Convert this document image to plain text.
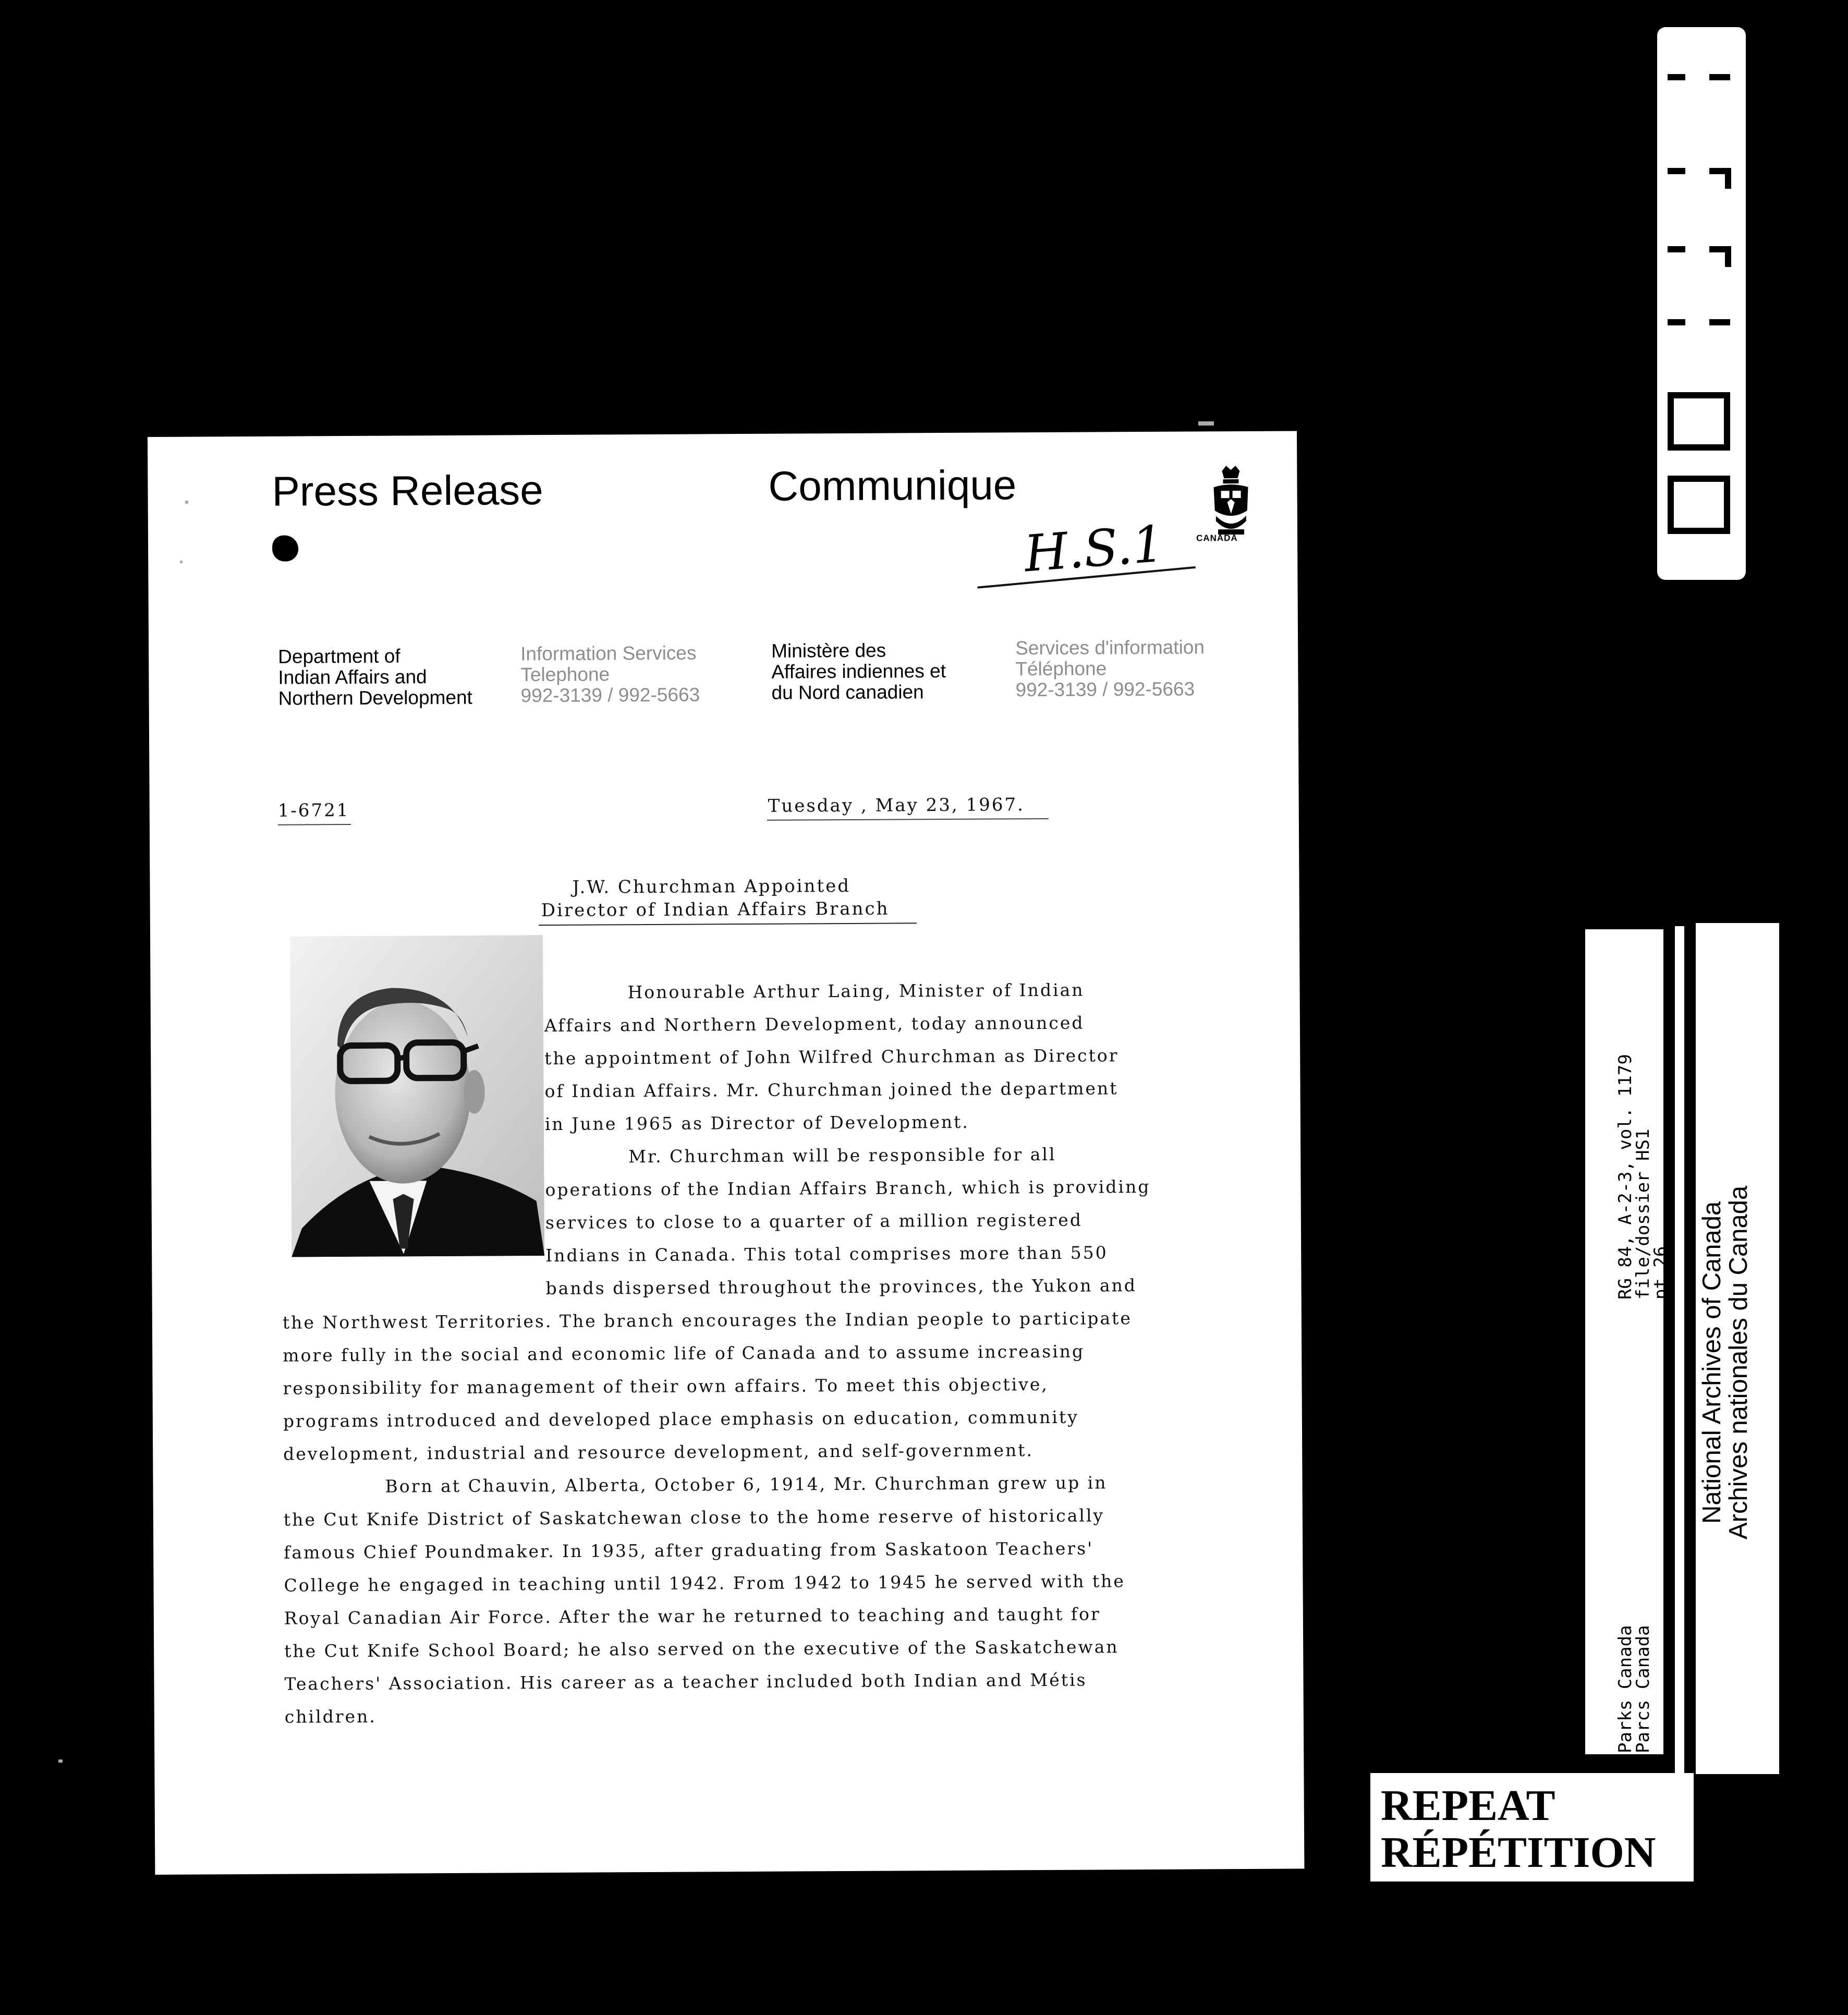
Press Release	Communique
CANADA
H.S.1
Department of
Indian Affairs and
Northern Development
Information Services
Telephone
992-3139 / 992-5663
Ministère des
Affaires indiennes et
du Nord canadien
Services d'information
Téléphone
992-3139 / 992-5663
1-6721	Tuesday , May 23, 1967.
J.W. Churchman Appointed
Director of Indian Affairs Branch
Honourable Arthur Laing, Minister of Indian
Affairs and Northern Development, today announced
the appointment of John Wilfred Churchman as Director
of Indian Affairs. Mr. Churchman joined the department
in June 1965 as Director of Development.
Mr. Churchman will be responsible for all
operations of the Indian Affairs Branch, which is providing
services to close to a quarter of a million registered
Indians in Canada. This total comprises more than 550
bands dispersed throughout the provinces, the Yukon and
the Northwest Territories. The branch encourages the Indian people to participate
more fully in the social and economic life of Canada and to assume increasing
responsibility for management of their own affairs. To meet this objective,
programs introduced and developed place emphasis on education, community
development, industrial and resource development, and self-government.
Born at Chauvin, Alberta, October 6, 1914, Mr. Churchman grew up in
the Cut Knife District of Saskatchewan close to the home reserve of historically
famous Chief Poundmaker. In 1935, after graduating from Saskatoon Teachers'
College he engaged in teaching until 1942. From 1942 to 1945 he served with the
Royal Canadian Air Force. After the war he returned to teaching and taught for
the Cut Knife School Board; he also served on the executive of the Saskatchewan
Teachers' Association. His career as a teacher included both Indian and Métis
children.
RG 84, A-2-3, vol. 1179
file/dossier HS1
pt 26
Parks Canada
Parcs Canada
National Archives of Canada
Archives nationales du Canada
REPEAT
RÉPÉTITION
